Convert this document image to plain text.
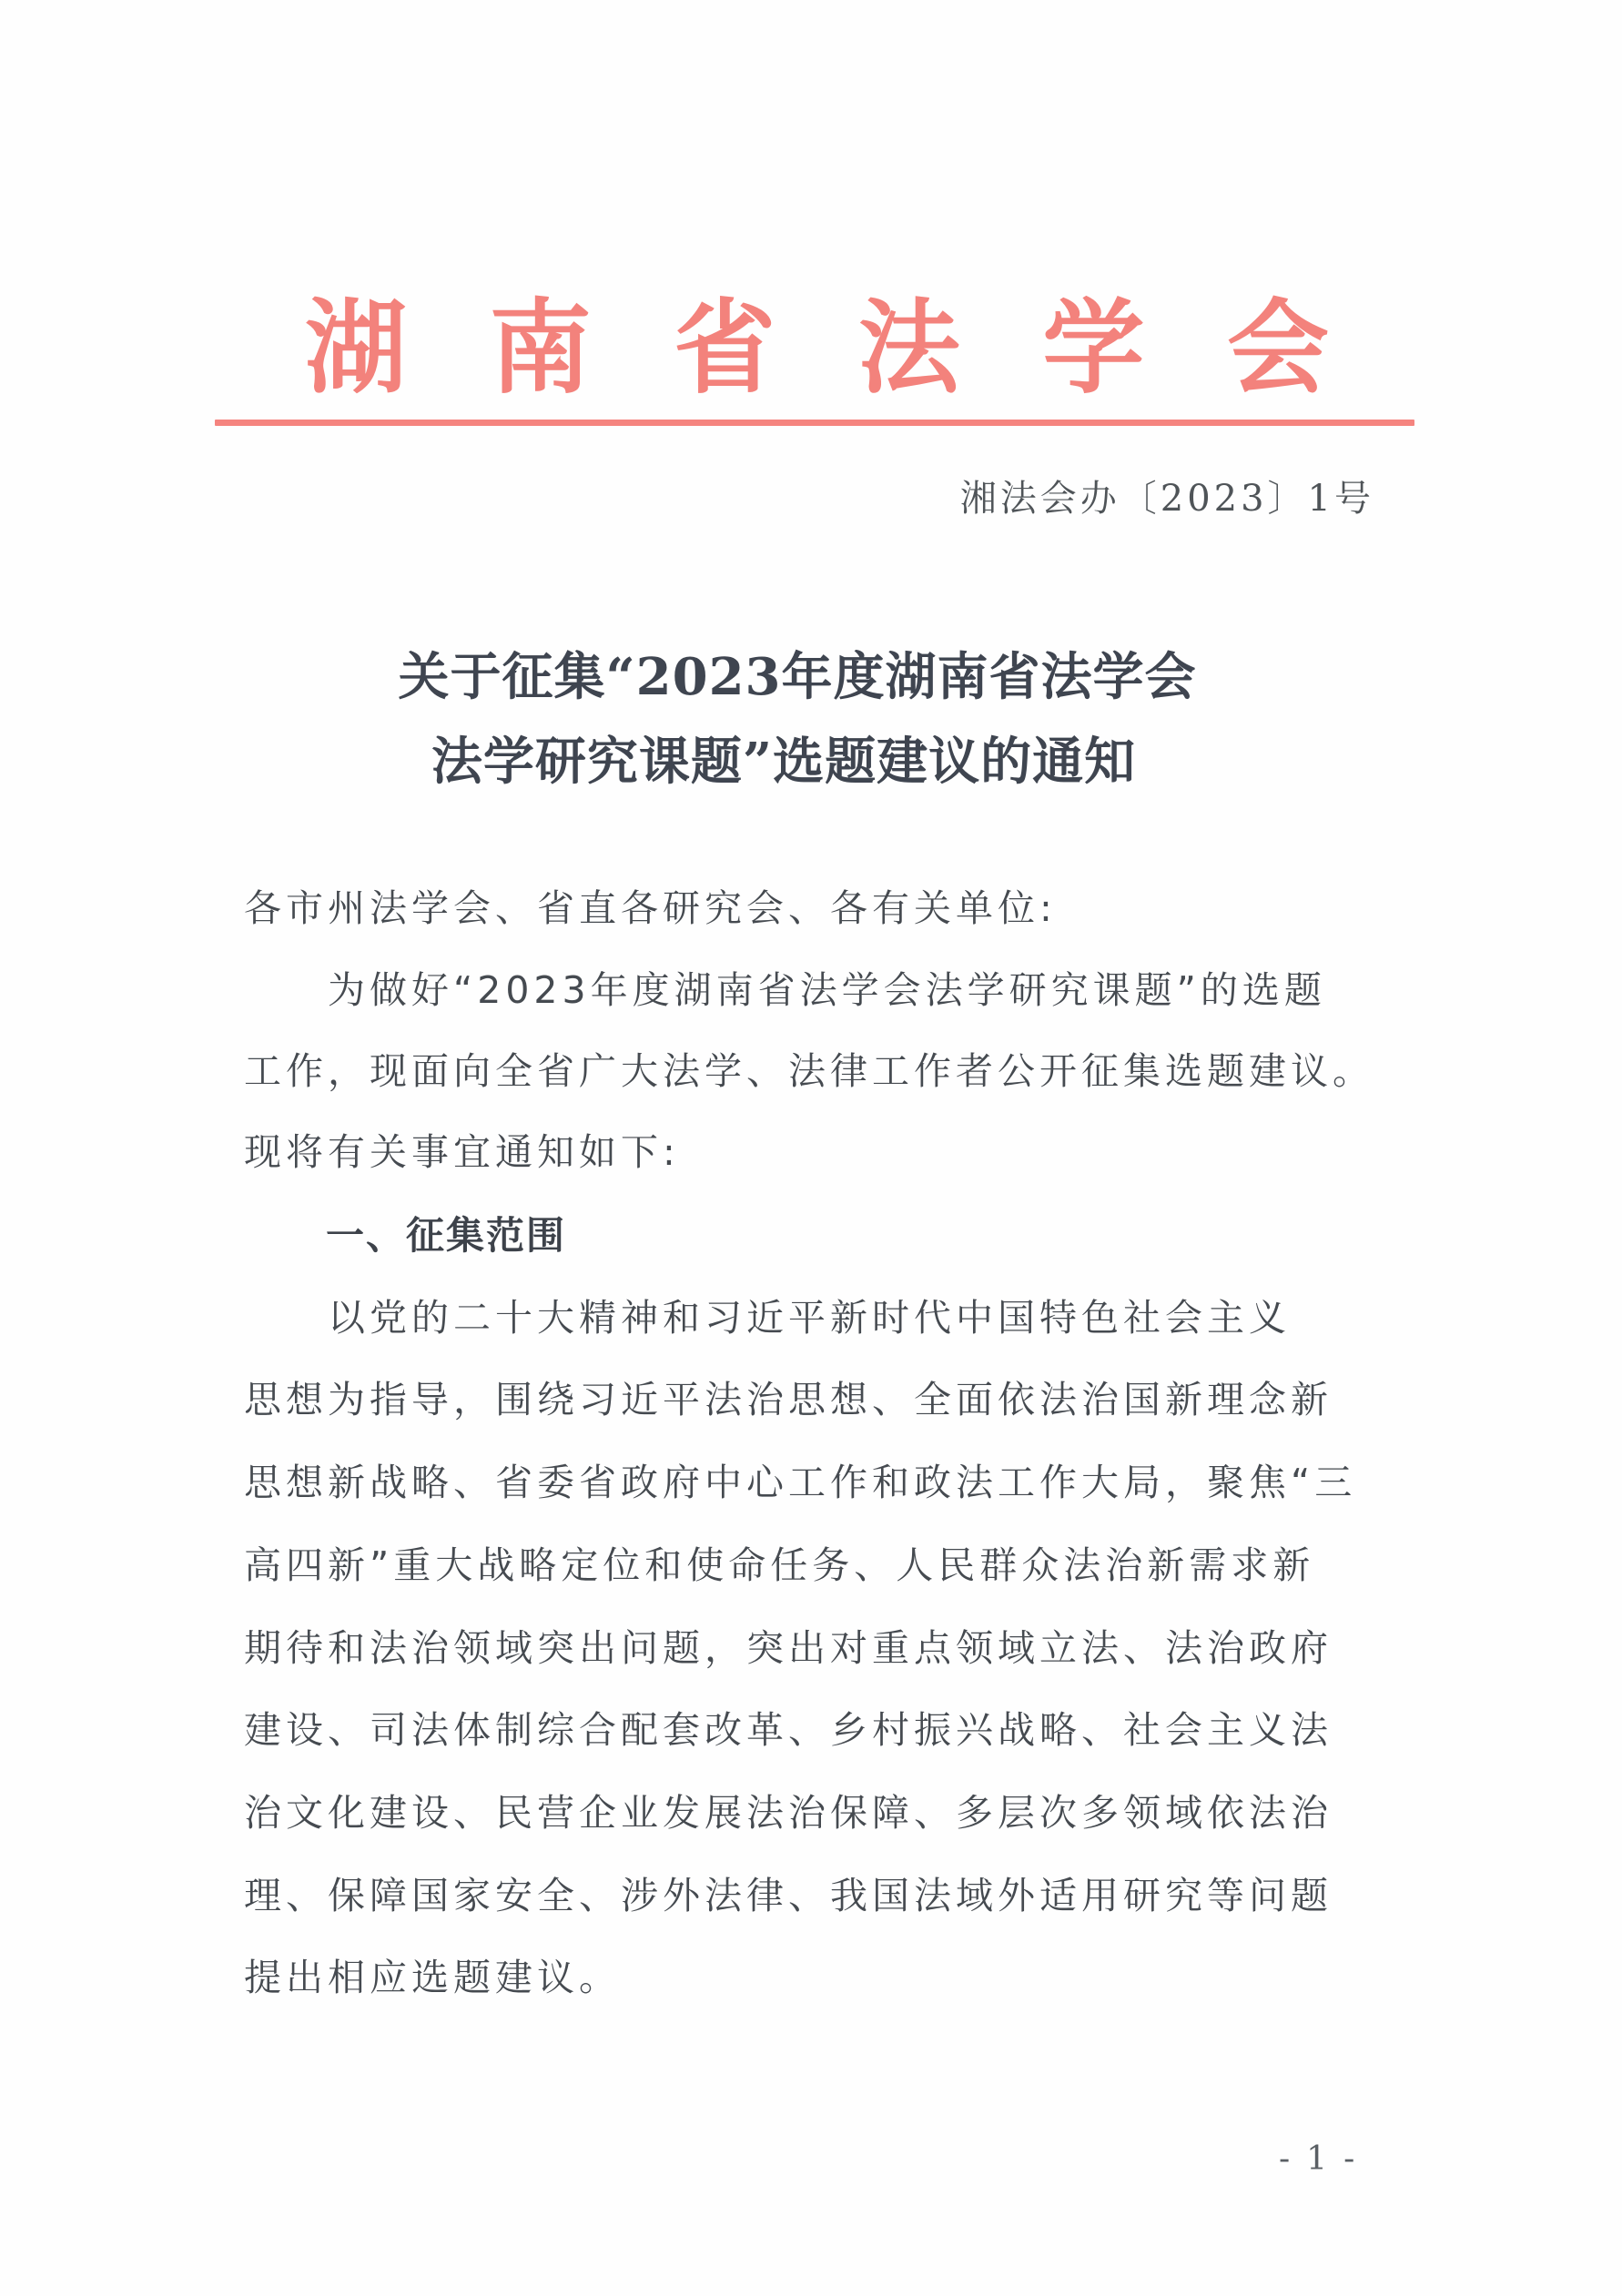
湖 南 省 法 学 会
湘法会办〔2023〕1号
关于征集“2023年度湖南省法学会
法学研究课题”选题建议的通知
各市州法学会、省直各研究会、各有关单位:
为做好“2023年度湖南省法学会法学研究课题”的选题
工作，现面向全省广大法学、法律工作者公开征集选题建议。
现将有关事宜通知如下:
一、征集范围
以党的二十大精神和习近平新时代中国特色社会主义
思想为指导，围绕习近平法治思想、全面依法治国新理念新
思想新战略、省委省政府中心工作和政法工作大局，聚焦“三
高四新”重大战略定位和使命任务、人民群众法治新需求新
期待和法治领域突出问题，突出对重点领域立法、法治政府
建设、司法体制综合配套改革、乡村振兴战略、社会主义法
治文化建设、民营企业发展法治保障、多层次多领域依法治
理、保障国家安全、涉外法律、我国法域外适用研究等问题
提出相应选题建议。
-1-
